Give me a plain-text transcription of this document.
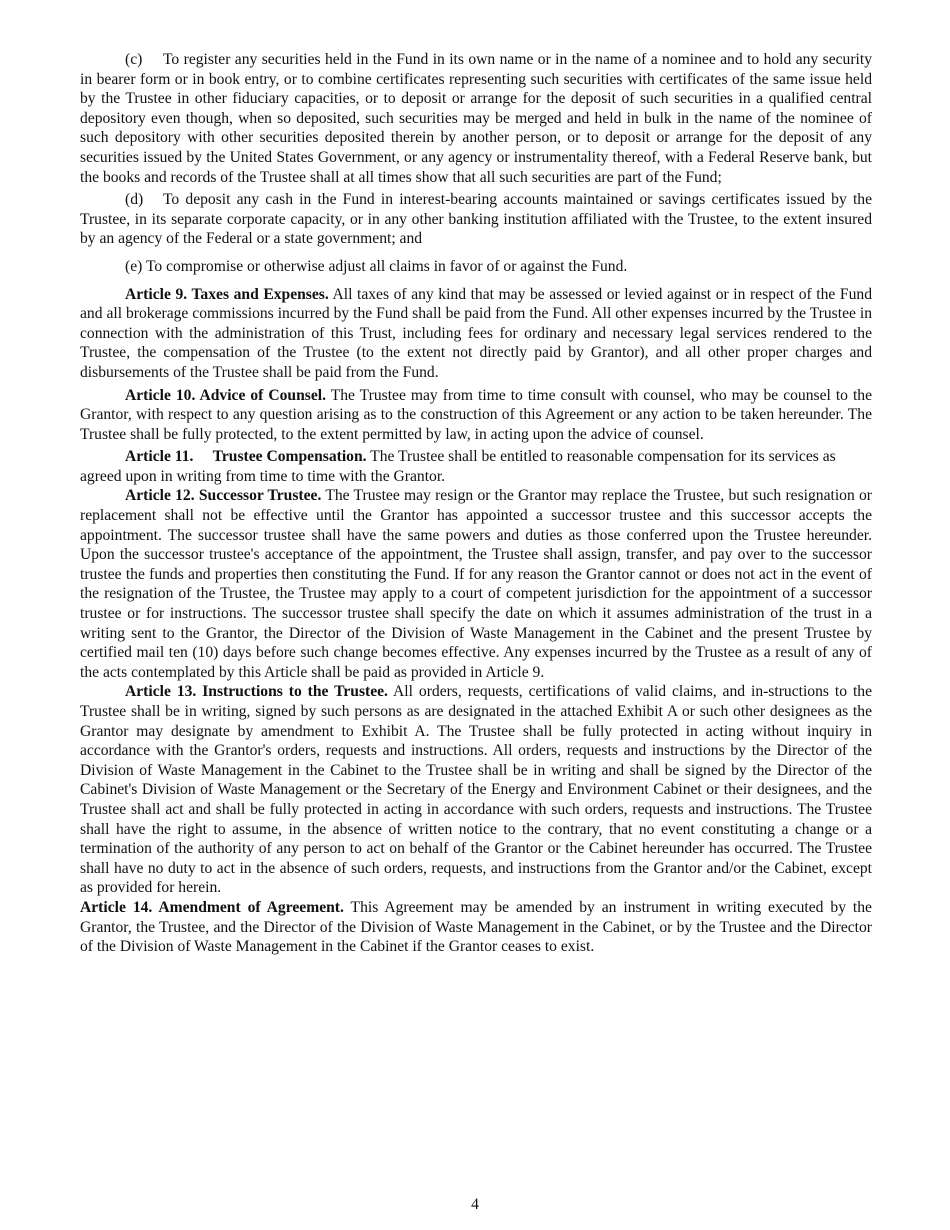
(c) To register any securities held in the Fund in its own name or in the name of a nominee and to hold any security in bearer form or in book entry, or to combine certificates representing such securities with certificates of the same issue held by the Trustee in other fiduciary capacities, or to deposit or arrange for the deposit of such securities in a qualified central depository even though, when so deposited, such securities may be merged and held in bulk in the name of the nominee of such depository with other securities deposited therein by another person, or to deposit or arrange for the deposit of any securities issued by the United States Government, or any agency or instrumentality thereof, with a Federal Reserve bank, but the books and records of the Trustee shall at all times show that all such securities are part of the Fund;

(d) To deposit any cash in the Fund in interest-bearing accounts maintained or savings certificates issued by the Trustee, in its separate corporate capacity, or in any other banking institution affiliated with the Trustee, to the extent insured by an agency of the Federal or a state government; and

(e) To compromise or otherwise adjust all claims in favor of or against the Fund.

Article 9. Taxes and Expenses. All taxes of any kind that may be assessed or levied against or in respect of the Fund and all brokerage commissions incurred by the Fund shall be paid from the Fund. All other expenses incurred by the Trustee in connection with the administration of this Trust, including fees for ordinary and necessary legal services rendered to the Trustee, the compensation of the Trustee (to the extent not directly paid by Grantor), and all other proper charges and disbursements of the Trustee shall be paid from the Fund.

Article 10. Advice of Counsel. The Trustee may from time to time consult with counsel, who may be counsel to the Grantor, with respect to any question arising as to the construction of this Agreement or any action to be taken hereunder. The Trustee shall be fully protected, to the extent permitted by law, in acting upon the advice of counsel.

Article 11.     Trustee Compensation. The Trustee shall be entitled to reasonable compensation for its services as agreed upon in writing from time to time with the Grantor.

Article 12. Successor Trustee. The Trustee may resign or the Grantor may replace the Trustee, but such resignation or replacement shall not be effective until the Grantor has appointed a successor trustee and this successor accepts the appointment. The successor trustee shall have the same powers and duties as those conferred upon the Trustee hereunder. Upon the successor trustee's acceptance of the appointment, the Trustee shall assign, transfer, and pay over to the successor trustee the funds and properties then constituting the Fund. If for any reason the Grantor cannot or does not act in the event of the resignation of the Trustee, the Trustee may apply to a court of competent jurisdiction for the appointment of a successor trustee or for instructions. The successor trustee shall specify the date on which it assumes administration of the trust in a writing sent to the Grantor, the Director of the Division of Waste Management in the Cabinet and the present Trustee by certified mail ten (10) days before such change becomes effective. Any expenses incurred by the Trustee as a result of any of the acts contemplated by this Article shall be paid as provided in Article 9.

Article 13. Instructions to the Trustee. All orders, requests, certifications of valid claims, and in-structions to the Trustee shall be in writing, signed by such persons as are designated in the attached Exhibit A or such other designees as the Grantor may designate by amendment to Exhibit A. The Trustee shall be fully protected in acting without inquiry in accordance with the Grantor's orders, requests and instructions. All orders, requests and instructions by the Director of the Division of Waste Management in the Cabinet to the Trustee shall be in writing and shall be signed by the Director of the Cabinet's Division of Waste Management or the Secretary of the Energy and Environment Cabinet or their designees, and the Trustee shall act and shall be fully protected in acting in accordance with such orders, requests and instructions. The Trustee shall have the right to assume, in the absence of written notice to the contrary, that no event constituting a change or a termination of the authority of any person to act on behalf of the Grantor or the Cabinet hereunder has occurred. The Trustee shall have no duty to act in the absence of such orders, requests, and instructions from the Grantor and/or the Cabinet, except as provided for herein.

Article 14. Amendment of Agreement. This Agreement may be amended by an instrument in writing executed by the Grantor, the Trustee, and the Director of the Division of Waste Management in the Cabinet, or by the Trustee and the Director of the Division of Waste Management in the Cabinet if the Grantor ceases to exist.

4
